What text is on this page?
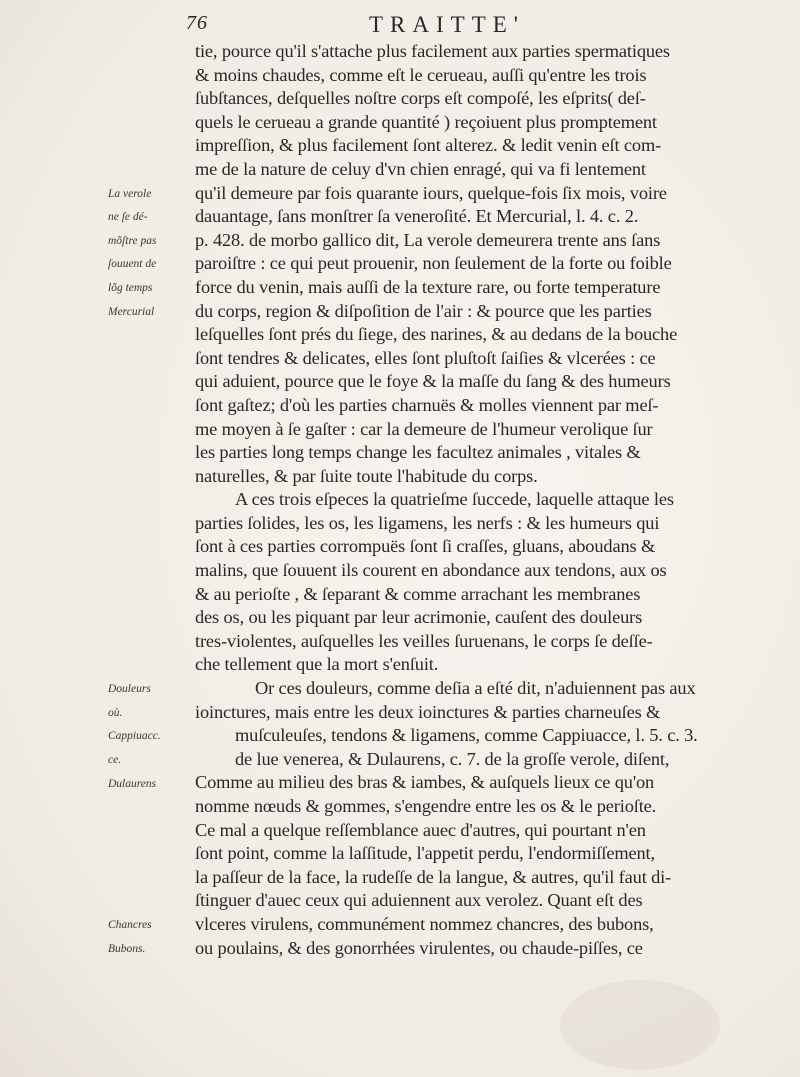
76	TRAITTE'
La verole
ne ſe dé-
mõſtre pas
ſouuent de
lõg temps
Mercurial
Douleurs
où.
Cappiuacc.
ce.
Dulaurens
Chancres
Bubons.
tie, pource qu'il s'attache plus facilement aux parties spermatiques
& moins chaudes, comme eſt le cerueau, auſſi qu'entre les trois
ſubſtances, deſquelles noſtre corps eſt compoſé, les eſprits( deſ-
quels le cerueau a grande quantité ) reçoiuent plus promptement
impreſſion, & plus facilement ſont alterez. & ledit venin eſt com-
me de la nature de celuy d'vn chien enragé, qui va fi lentement
qu'il demeure par fois quarante iours, quelque-fois ſix mois, voire
dauantage, ſans monſtrer ſa veneroſité. Et Mercurial, l. 4. c. 2.
p. 428. de morbo gallico dit, La verole demeurera trente ans ſans
paroiſtre : ce qui peut prouenir, non ſeulement de la forte ou foible
force du venin, mais auſſi de la texture rare, ou forte temperature
du corps, region & diſpoſition de l'air : & pource que les parties
leſquelles ſont prés du ſiege, des narines, & au dedans de la bouche
ſont tendres & delicates, elles ſont pluſtoſt ſaiſies & vlcerées : ce
qui aduient, pource que le foye & la maſſe du ſang & des humeurs
ſont gaſtez; d'où les parties charnuës & molles viennent par meſ-
me moyen à ſe gaſter : car la demeure de l'humeur verolique ſur
les parties long temps change les facultez animales , vitales &
naturelles, & par ſuite toute l'habitude du corps.
A ces trois eſpeces la quatrieſme ſuccede, laquelle attaque les
parties ſolides, les os, les ligamens, les nerfs : & les humeurs qui
ſont à ces parties corrompuës ſont ſi craſſes, gluans, aboudans &
malins, que ſouuent ils courent en abondance aux tendons, aux os
& au perioſte , & ſeparant & comme arrachant les membranes
des os, ou les piquant par leur acrimonie, cauſent des douleurs
tres-violentes, auſquelles les veilles ſuruenans, le corps ſe deſſe-
che tellement que la mort s'enſuit.
Or ces douleurs, comme deſia a eſté dit, n'aduiennent pas aux
ioinctures, mais entre les deux ioinctures & parties charneuſes &
muſculeuſes, tendons & ligamens, comme Cappiuacce, l. 5. c. 3.
de lue venerea, & Dulaurens, c. 7. de la groſſe verole, diſent,
Comme au milieu des bras & iambes, & auſquels lieux ce qu'on
nomme nœuds & gommes, s'engendre entre les os & le perioſte.
Ce mal a quelque reſſemblance auec d'autres, qui pourtant n'en
ſont point, comme la laſſitude, l'appetit perdu, l'endormiſſement,
la paſſeur de la face, la rudeſſe de la langue, & autres, qu'il faut di-
ſtinguer d'auec ceux qui aduiennent aux verolez. Quant eſt des
vlceres virulens, communément nommez chancres, des bubons,
ou poulains, & des gonorrhées virulentes, ou chaude-piſſes, ce
